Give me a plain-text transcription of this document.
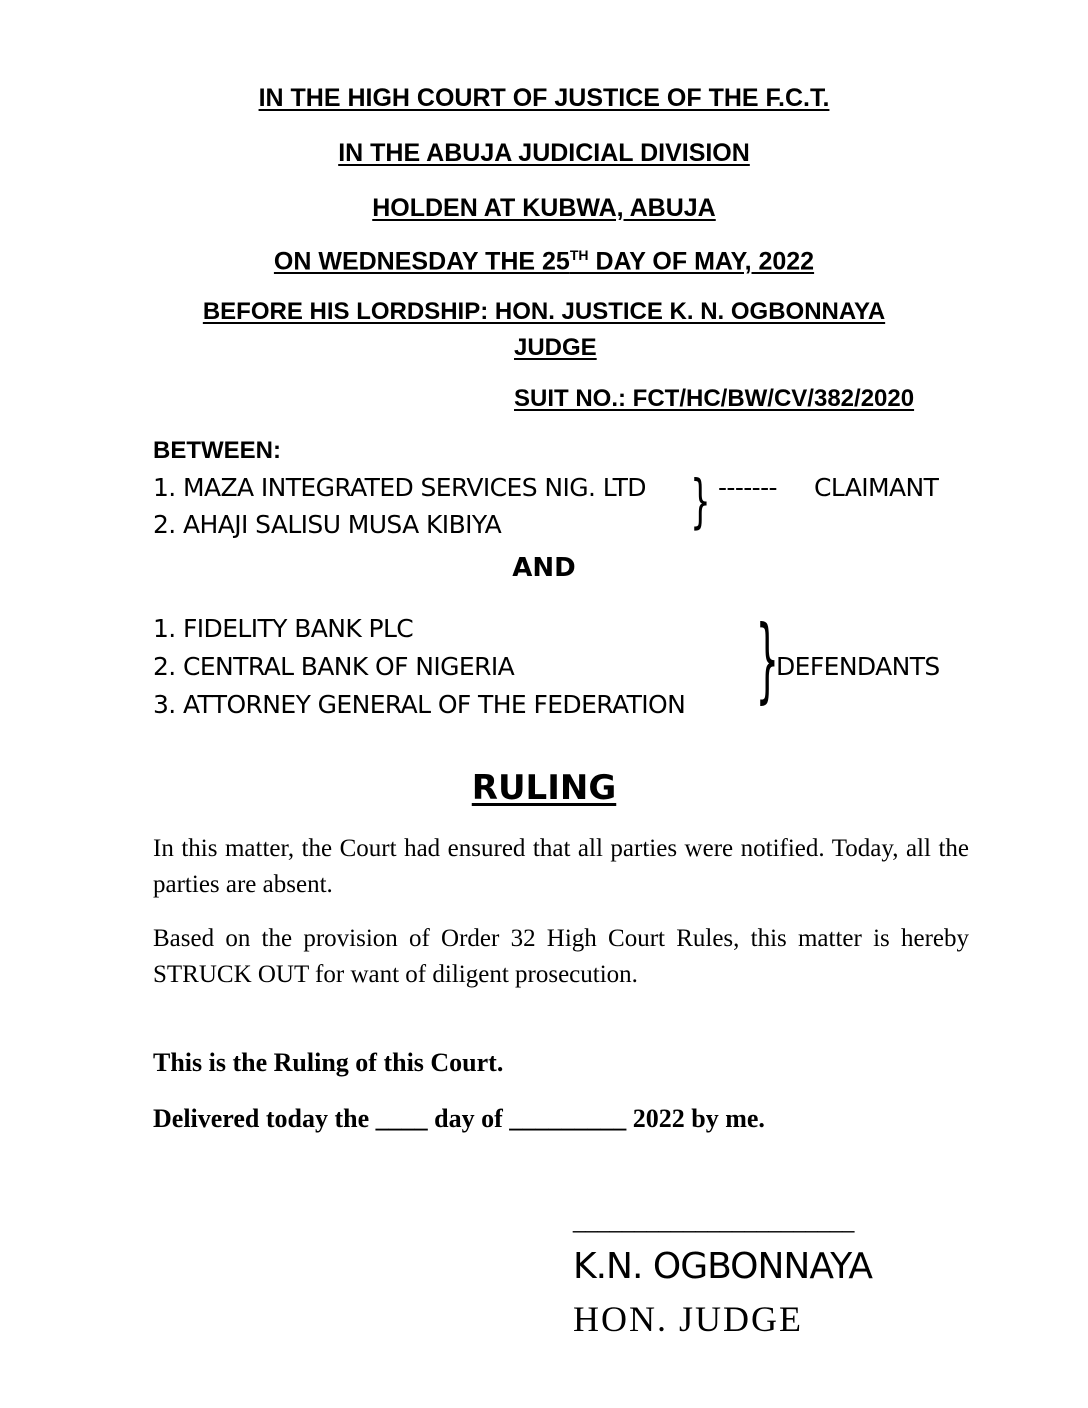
IN THE HIGH COURT OF JUSTICE OF THE F.C.T.
IN THE ABUJA JUDICIAL DIVISION
HOLDEN AT KUBWA, ABUJA
ON WEDNESDAY THE 25TH DAY OF MAY, 2022
BEFORE HIS LORDSHIP: HON. JUSTICE K. N. OGBONNAYA
JUDGE
SUIT NO.: FCT/HC/BW/CV/382/2020
BETWEEN:
1. MAZA INTEGRATED SERVICES NIG. LTD
2. AHAJI SALISU MUSA KIBIYA	} ------- CLAIMANT
AND
1. FIDELITY BANK PLC
2. CENTRAL BANK OF NIGERIA
3. ATTORNEY GENERAL OF THE FEDERATION }
DEFENDANTS
RULING
In this matter, the Court had ensured that all parties were notified. Today, all the parties are absent.
Based on the provision of Order 32 High Court Rules, this matter is hereby STRUCK OUT for want of diligent prosecution.
This is the Ruling of this Court.
Delivered today the ____ day of _________ 2022 by me.
_______________________
K.N. OGBONNAYA
HON. JUDGE
